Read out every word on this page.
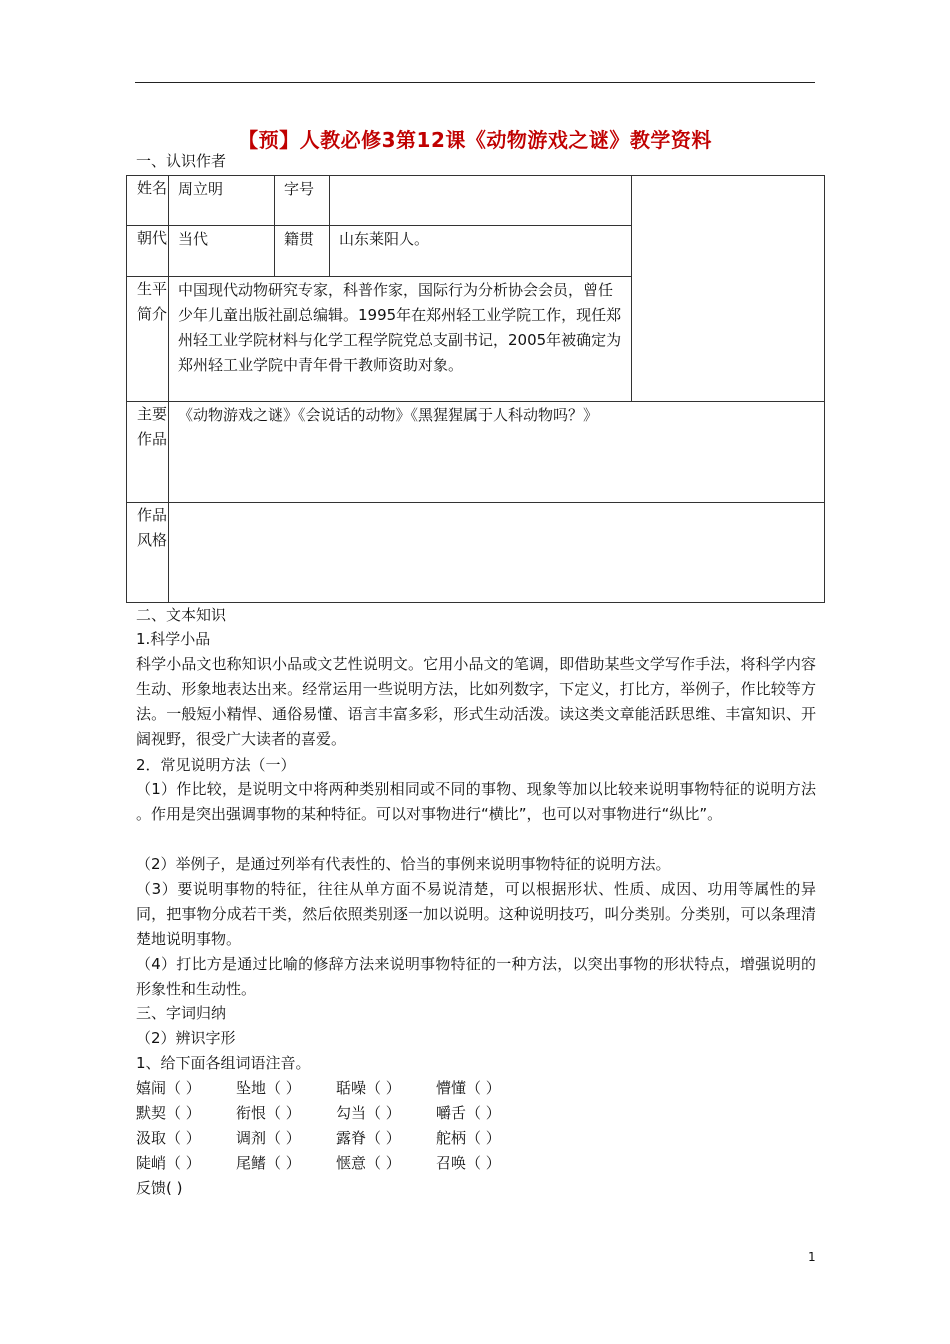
【预】人教必修3第12课《动物游戏之谜》教学资料
一、认识作者
姓名	周立明	字号		
朝代	当代	籍贯	山东莱阳人。	
生平简介	中国现代动物研究专家，科普作家，国际行为分析协会会员，曾任少年儿童出版社副总编辑。1995年在郑州轻工业学院工作，现任郑州轻工业学院材料与化学工程学院党总支副书记，2005年被确定为郑州轻工业学院中青年骨干教师资助对象。			
主要作品	《动物游戏之谜》《会说话的动物》《黑猩猩属于人科动物吗？》			
作品风格				
二、文本知识
1.科学小品
科学小品文也称知识小品或文艺性说明文。它用小品文的笔调，即借助某些文学写作手法，将科学内容生动、形象地表达出来。经常运用一些说明方法，比如列数字，下定义，打比方，举例子，作比较等方法。一般短小精悍、通俗易懂、语言丰富多彩，形式生动活泼。读这类文章能活跃思维、丰富知识、开阔视野，很受广大读者的喜爱。
2．常见说明方法（一）
（1）作比较，是说明文中将两种类别相同或不同的事物、现象等加以比较来说明事物特征的说明方法 。作用是突出强调事物的某种特征。可以对事物进行“横比”，也可以对事物进行“纵比”。
（2）举例子，是通过列举有代表性的、恰当的事例来说明事物特征的说明方法。
（3）要说明事物的特征，往往从单方面不易说清楚，可以根据形状、性质、成因、功用等属性的异同，把事物分成若干类，然后依照类别逐一加以说明。这种说明技巧，叫分类别。分类别，可以条理清楚地说明事物。
（4）打比方是通过比喻的修辞方法来说明事物特征的一种方法，以突出事物的形状特点，增强说明的形象性和生动性。
三、字词归纳
（2）辨识字形
1、给下面各组词语注音。
嬉闹（ ） 坠地（ ） 聒噪（ ） 懵懂（ ）
默契（ ） 衔恨（ ） 勾当（ ） 嚼舌（ ）
汲取（ ） 调剂（ ） 露脊（ ） 舵柄（ ）
陡峭（ ） 尾鳍（ ） 惬意（ ） 召唤（ ）
反馈( )
1
